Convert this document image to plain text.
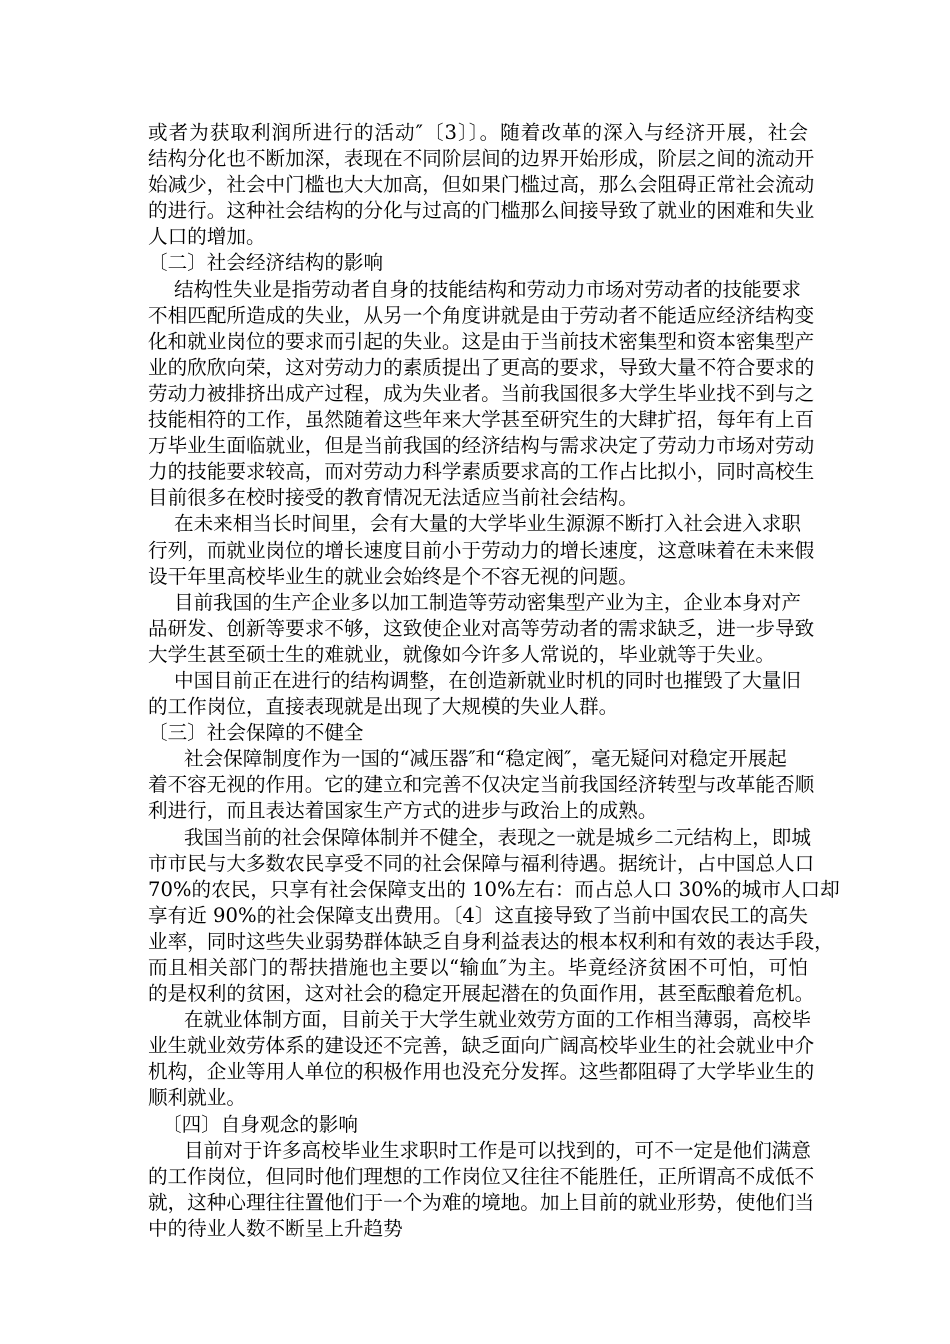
或者为获取利润所进行的活动″〔3〕〕。随着改革的深入与经济开展，社会
结构分化也不断加深，表现在不同阶层间的边界开始形成，阶层之间的流动开
始减少，社会中门槛也大大加高，但如果门槛过高，那么会阻碍正常社会流动
的进行。这种社会结构的分化与过高的门槛那么间接导致了就业的困难和失业
人口的增加。
〔二〕社会经济结构的影响
结构性失业是指劳动者自身的技能结构和劳动力市场对劳动者的技能要求
不相匹配所造成的失业，从另一个角度讲就是由于劳动者不能适应经济结构变
化和就业岗位的要求而引起的失业。这是由于当前技术密集型和资本密集型产
业的欣欣向荣，这对劳动力的素质提出了更高的要求，导致大量不符合要求的
劳动力被排挤出成产过程，成为失业者。当前我国很多大学生毕业找不到与之
技能相符的工作，虽然随着这些年来大学甚至研究生的大肆扩招，每年有上百
万毕业生面临就业，但是当前我国的经济结构与需求决定了劳动力市场对劳动
力的技能要求较高，而对劳动力科学素质要求高的工作占比拟小，同时高校生
目前很多在校时接受的教育情况无法适应当前社会结构。
在未来相当长时间里，会有大量的大学毕业生源源不断打入社会进入求职
行列，而就业岗位的增长速度目前小于劳动力的增长速度，这意味着在未来假
设干年里高校毕业生的就业会始终是个不容无视的问题。
目前我国的生产企业多以加工制造等劳动密集型产业为主，企业本身对产
品研发、创新等要求不够，这致使企业对高等劳动者的需求缺乏，进一步导致
大学生甚至硕士生的难就业，就像如今许多人常说的，毕业就等于失业。
中国目前正在进行的结构调整，在创造新就业时机的同时也摧毁了大量旧
的工作岗位，直接表现就是出现了大规模的失业人群。
〔三〕社会保障的不健全
社会保障制度作为一国的“减压器″和“稳定阀″，毫无疑问对稳定开展起
着不容无视的作用。它的建立和完善不仅决定当前我国经济转型与改革能否顺
利进行，而且表达着国家生产方式的进步与政治上的成熟。
我国当前的社会保障体制并不健全，表现之一就是城乡二元结构上，即城
市市民与大多数农民享受不同的社会保障与福利待遇。据统计，占中国总人口
70%的农民，只享有社会保障支出的 10%左右：而占总人口 30%的城市人口却
享有近 90%的社会保障支出费用。〔4〕这直接导致了当前中国农民工的高失
业率，同时这些失业弱势群体缺乏自身利益表达的根本权利和有效的表达手段，
而且相关部门的帮扶措施也主要以“输血″为主。毕竟经济贫困不可怕，可怕
的是权利的贫困，这对社会的稳定开展起潜在的负面作用，甚至酝酿着危机。
在就业体制方面，目前关于大学生就业效劳方面的工作相当薄弱，高校毕
业生就业效劳体系的建设还不完善，缺乏面向广阔高校毕业生的社会就业中介
机构，企业等用人单位的积极作用也没充分发挥。这些都阻碍了大学毕业生的
顺利就业。
〔四〕自身观念的影响
目前对于许多高校毕业生求职时工作是可以找到的，可不一定是他们满意
的工作岗位，但同时他们理想的工作岗位又往往不能胜任，正所谓高不成低不
就，这种心理往往置他们于一个为难的境地。加上目前的就业形势，使他们当
中的待业人数不断呈上升趋势
